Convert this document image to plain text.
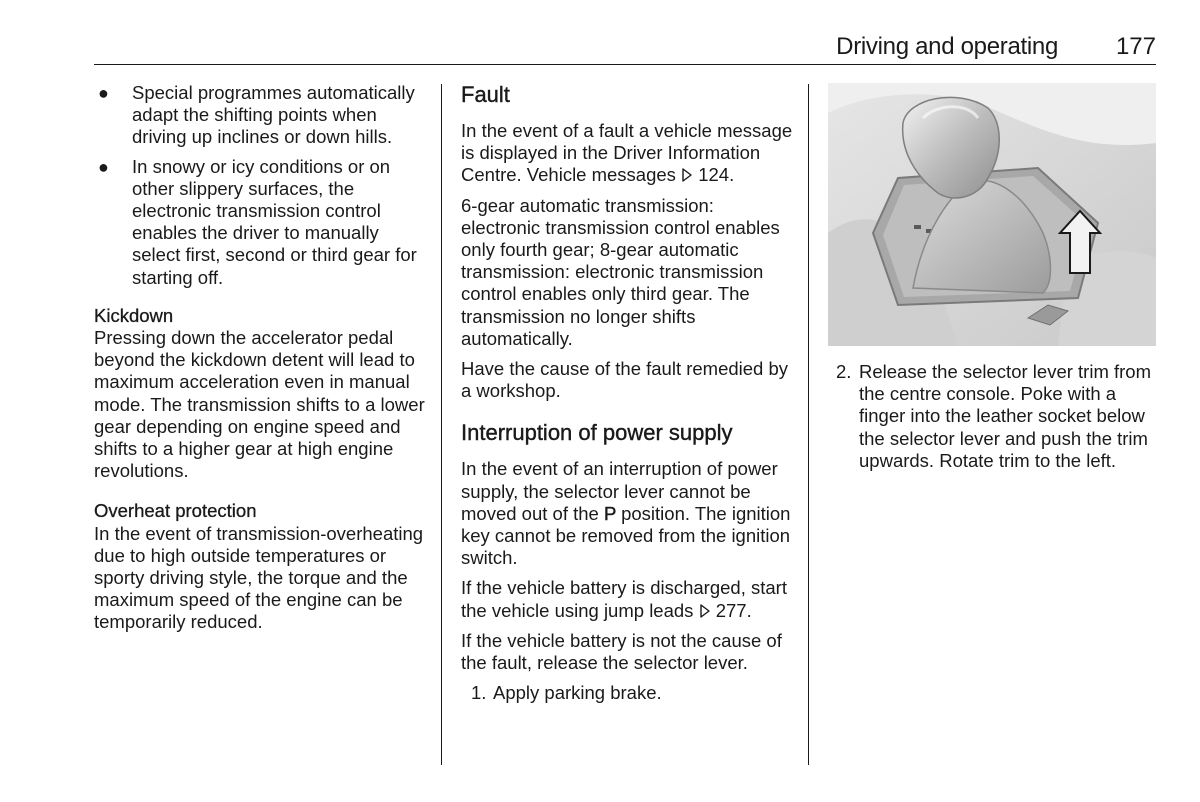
Driving and operating 177
● Special programmes automatically adapt the shifting points when driving up inclines or down hills.
● In snowy or icy conditions or on other slippery surfaces, the electronic transmission control enables the driver to manually select first, second or third gear for starting off.
Kickdown

Pressing down the accelerator pedal beyond the kickdown detent will lead to maximum acceleration even in manual mode. The transmission shifts to a lower gear depending on engine speed and shifts to a higher gear at high engine revolutions.

Overheat protection

In the event of transmission-overheating due to high outside temperatures or sporty driving style, the torque and the maximum speed of the engine can be temporarily reduced.

Fault

In the event of a fault a vehicle message is displayed in the Driver Information Centre. Vehicle messages 124.

6-gear automatic transmission: electronic transmission control enables only fourth gear; 8-gear automatic transmission: electronic transmission control enables only third gear. The transmission no longer shifts automatically.

Have the cause of the fault remedied by a workshop.

Interruption of power supply

In the event of an interruption of power supply, the selector lever cannot be moved out of the P position. The ignition key cannot be removed from the ignition switch.

If the vehicle battery is discharged, start the vehicle using jump leads 277.

If the vehicle battery is not the cause of the fault, release the selector lever.

1. Apply parking brake.
2. Release the selector lever trim from the centre console. Poke with a finger into the leather socket below the selector lever and push the trim upwards. Rotate trim to the left.
